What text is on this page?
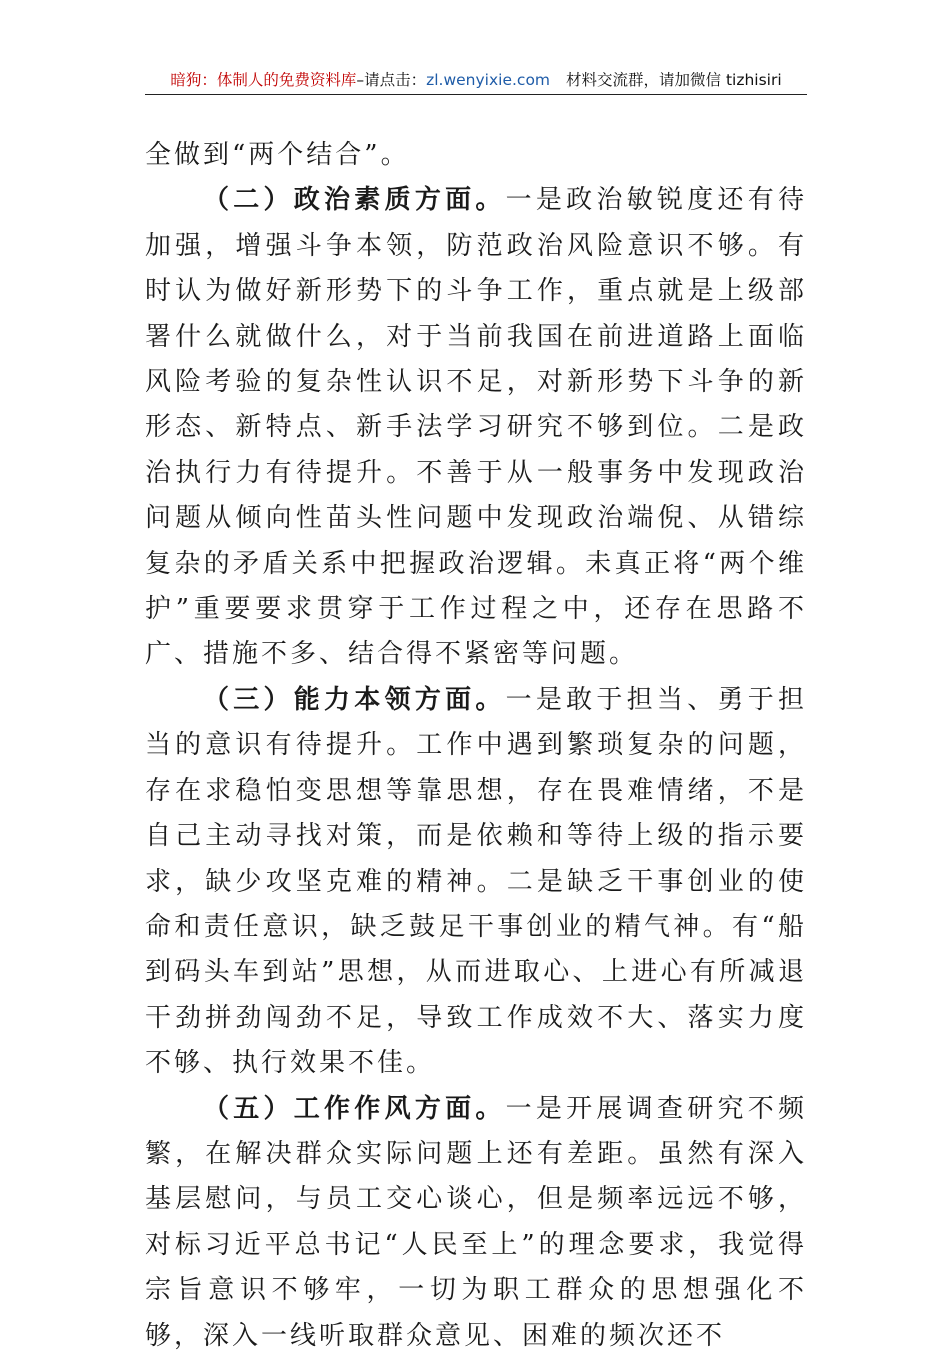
暗狗：体制人的免费资料库–请点击：zl.wenyixie.com 材料交流群，请加微信 tizhisiri

全做到“两个结合”。

（二）政治素质方面。一是政治敏锐度还有待加强，增强斗争本领，防范政治风险意识不够。有时认为做好新形势下的斗争工作，重点就是上级部署什么就做什么，对于当前我国在前进道路上面临风险考验的复杂性认识不足，对新形势下斗争的新形态、新特点、新手法学习研究不够到位。二是政治执行力有待提升。不善于从一般事务中发现政治问题从倾向性苗头性问题中发现政治端倪、从错综复杂的矛盾关系中把握政治逻辑。未真正将“两个维护”重要要求贯穿于工作过程之中，还存在思路不广、措施不多、结合得不紧密等问题。

（三）能力本领方面。一是敢于担当、勇于担当的意识有待提升。工作中遇到繁琐复杂的问题，存在求稳怕变思想等靠思想，存在畏难情绪，不是自己主动寻找对策，而是依赖和等待上级的指示要求，缺少攻坚克难的精神。二是缺乏干事创业的使命和责任意识，缺乏鼓足干事创业的精气神。有“船到码头车到站”思想，从而进取心、上进心有所减退干劲拼劲闯劲不足，导致工作成效不大、落实力度不够、执行效果不佳。

（五）工作作风方面。一是开展调查研究不频繁，在解决群众实际问题上还有差距。虽然有深入基层慰问，与员工交心谈心，但是频率远远不够，对标习近平总书记“人民至上”的理念要求，我觉得宗旨意识不够牢，一切为职工群众的思想强化不够，深入一线听取群众意见、困难的频次还不
